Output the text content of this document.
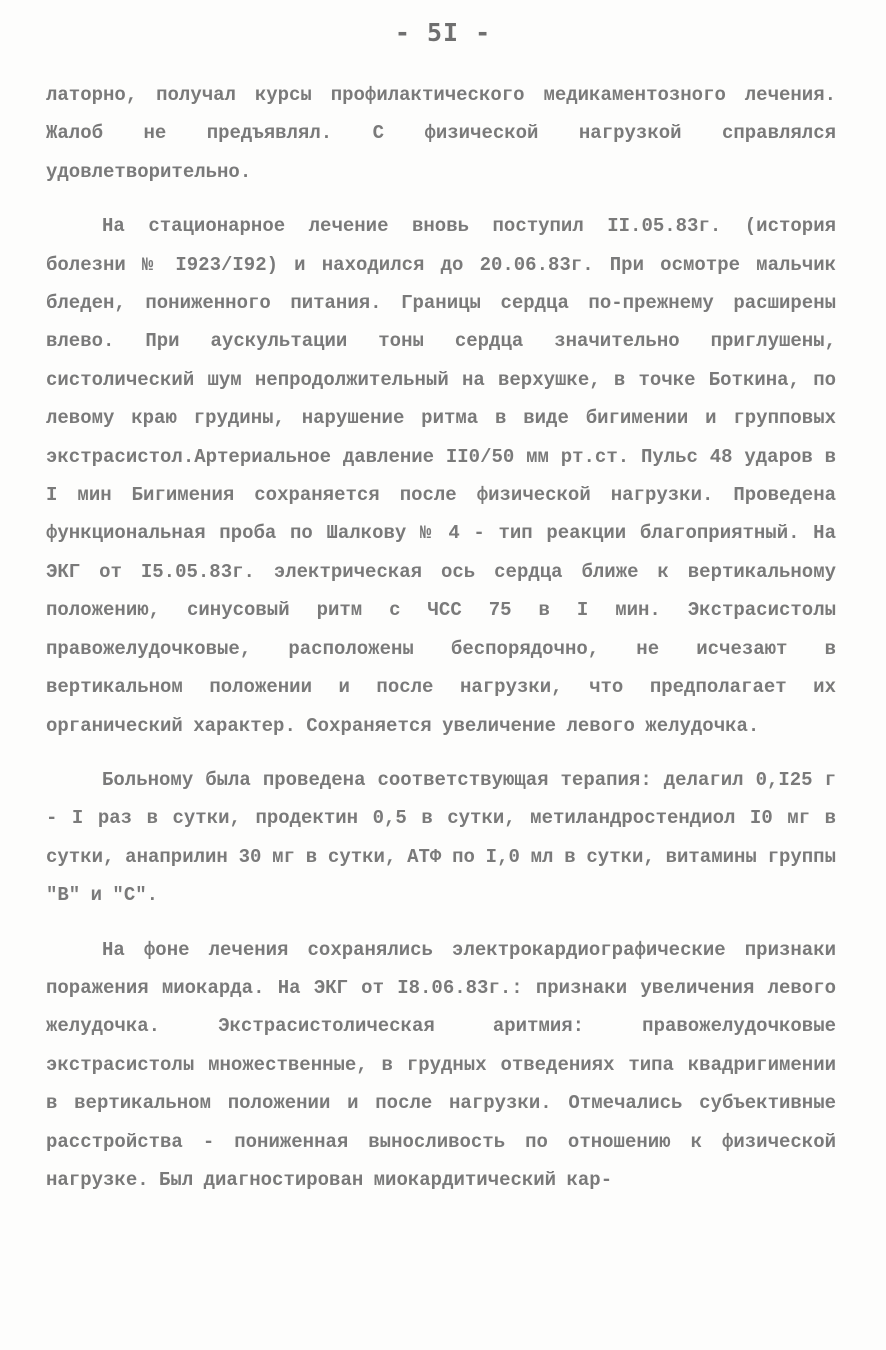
- 5I -

латорно, получал курсы профилактического медикаментозного лечения. Жалоб не предъявлял. С физической нагрузкой справлялся удовлетворительно.

На стационарное лечение вновь поступил II.05.83г. (история болезни № I923/I92) и находился до 20.06.83г. При осмотре мальчик бледен, пониженного питания. Границы сердца по-прежнему расширены влево. При аускультации тоны сердца значительно приглушены, систолический шум непродолжительный на верхушке, в точке Боткина, по левому краю грудины, нарушение ритма в виде бигимении и групповых экстрасистол.Артериальное давление II0/50 мм рт.ст. Пульс 48 ударов в I мин Бигимения сохраняется после физической нагрузки. Проведена функциональная проба по Шалкову № 4 - тип реакции благоприятный. На ЭКГ от I5.05.83г. электрическая ось сердца ближе к вертикальному положению, синусовый ритм с ЧСС 75 в I мин. Экстрасистолы правожелудочковые, расположены беспорядочно, не исчезают в вертикальном положении и после нагрузки, что предполагает их органический характер. Сохраняется увеличение левого желудочка.

Больному была проведена соответствующая терапия: делагил 0,I25 г - I раз в сутки, продектин 0,5 в сутки, метиландростендиол I0 мг в сутки, анаприлин 30 мг в сутки, АТФ по I,0 мл в сутки, витамины группы "В" и "С".

На фоне лечения сохранялись электрокардиографические признаки поражения миокарда. На ЭКГ от I8.06.83г.: признаки увеличения левого желудочка. Экстрасистолическая аритмия: правожелудочковые экстрасистолы множественные, в грудных отведениях типа квадригимении в вертикальном положении и после нагрузки. Отмечались субъективные расстройства - пониженная выносливость по отношению к физической нагрузке. Был диагностирован миокардитический кар-
